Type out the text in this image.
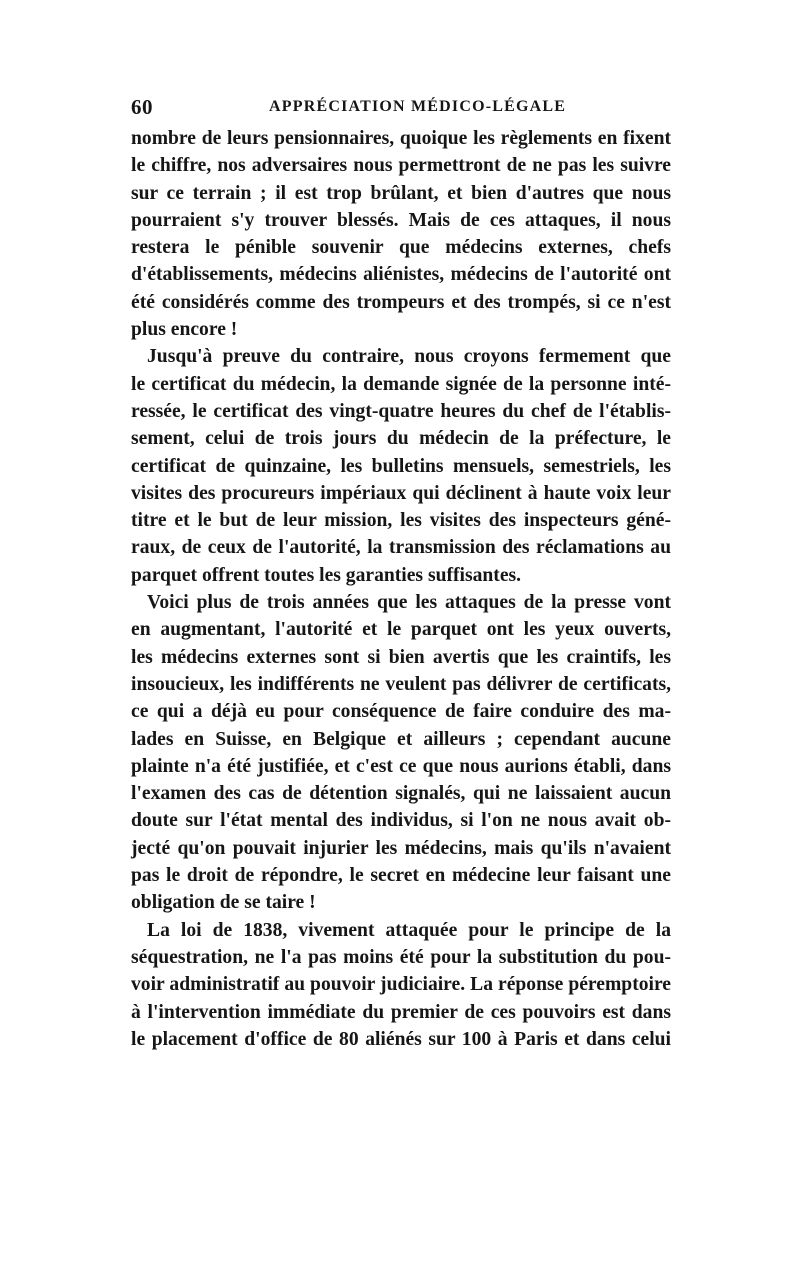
60	APPRÉCIATION MÉDICO-LÉGALE
nombre de leurs pensionnaires, quoique les règlements en fixent
le chiffre, nos adversaires nous permettront de ne pas les suivre
sur ce terrain ; il est trop brûlant, et bien d'autres que nous
pourraient s'y trouver blessés. Mais de ces attaques, il nous
restera le pénible souvenir que médecins externes, chefs
d'établissements, médecins aliénistes, médecins de l'autorité ont
été considérés comme des trompeurs et des trompés, si ce n'est
plus encore !
Jusqu'à preuve du contraire, nous croyons fermement que
le certificat du médecin, la demande signée de la personne inté-
ressée, le certificat des vingt-quatre heures du chef de l'établis-
sement, celui de trois jours du médecin de la préfecture, le
certificat de quinzaine, les bulletins mensuels, semestriels, les
visites des procureurs impériaux qui déclinent à haute voix leur
titre et le but de leur mission, les visites des inspecteurs géné-
raux, de ceux de l'autorité, la transmission des réclamations au
parquet offrent toutes les garanties suffisantes.
Voici plus de trois années que les attaques de la presse vont
en augmentant, l'autorité et le parquet ont les yeux ouverts,
les médecins externes sont si bien avertis que les craintifs, les
insoucieux, les indifférents ne veulent pas délivrer de certificats,
ce qui a déjà eu pour conséquence de faire conduire des ma-
lades en Suisse, en Belgique et ailleurs ; cependant aucune
plainte n'a été justifiée, et c'est ce que nous aurions établi, dans
l'examen des cas de détention signalés, qui ne laissaient aucun
doute sur l'état mental des individus, si l'on ne nous avait ob-
jecté qu'on pouvait injurier les médecins, mais qu'ils n'avaient
pas le droit de répondre, le secret en médecine leur faisant une
obligation de se taire !
La loi de 1838, vivement attaquée pour le principe de la
séquestration, ne l'a pas moins été pour la substitution du pou-
voir administratif au pouvoir judiciaire. La réponse péremptoire
à l'intervention immédiate du premier de ces pouvoirs est dans
le placement d'office de 80 aliénés sur 100 à Paris et dans celui
